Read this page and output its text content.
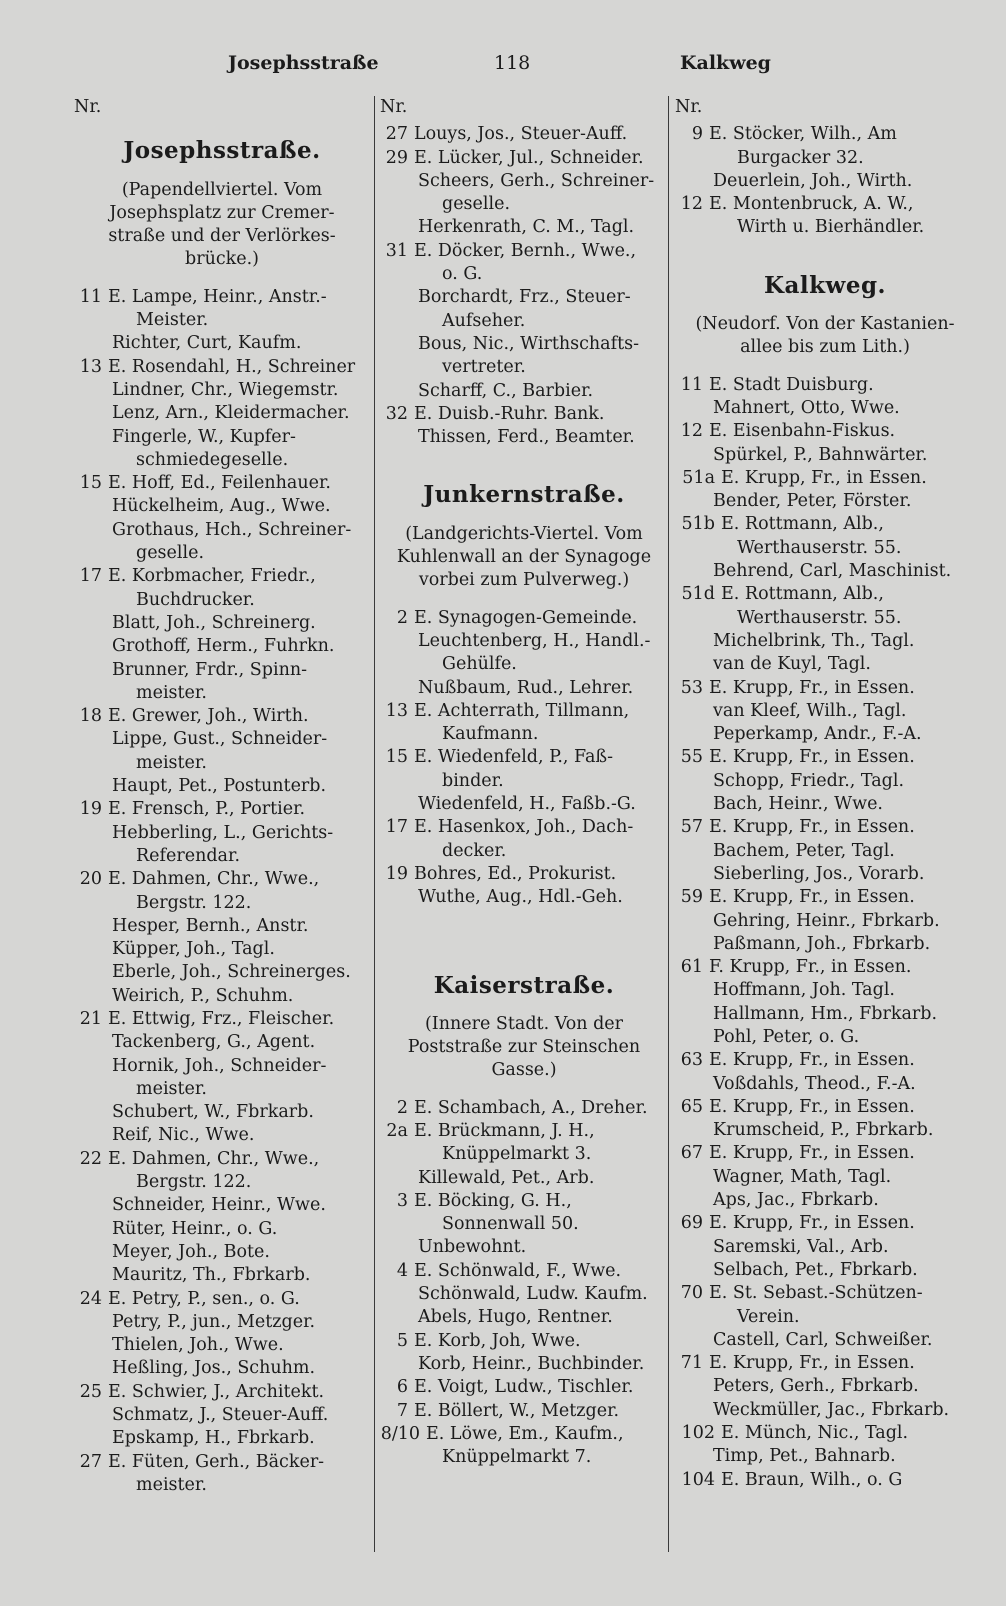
Josephsstraße	118	Kalkweg
Nr.
Josephsstraße.
(Papendellviertel. Vom
Josephsplatz zur Cremer-
straße und der Verlörkes-
brücke.)
11 E. Lampe, Heinr., Anstr.-
Meister.
Richter, Curt, Kaufm.
13 E. Rosendahl, H., Schreiner
Lindner, Chr., Wiegemstr.
Lenz, Arn., Kleidermacher.
Fingerle, W., Kupfer-
schmiedegeselle.
15 E. Hoff, Ed., Feilenhauer.
Hückelheim, Aug., Wwe.
Grothaus, Hch., Schreiner-
geselle.
17 E. Korbmacher, Friedr.,
Buchdrucker.
Blatt, Joh., Schreinerg.
Grothoff, Herm., Fuhrkn.
Brunner, Frdr., Spinn-
meister.
18 E. Grewer, Joh., Wirth.
Lippe, Gust., Schneider-
meister.
Haupt, Pet., Postunterb.
19 E. Frensch, P., Portier.
Hebberling, L., Gerichts-
Referendar.
20 E. Dahmen, Chr., Wwe.,
Bergstr. 122.
Hesper, Bernh., Anstr.
Küpper, Joh., Tagl.
Eberle, Joh., Schreinerges.
Weirich, P., Schuhm.
21 E. Ettwig, Frz., Fleischer.
Tackenberg, G., Agent.
Hornik, Joh., Schneider-
meister.
Schubert, W., Fbrkarb.
Reif, Nic., Wwe.
22 E. Dahmen, Chr., Wwe.,
Bergstr. 122.
Schneider, Heinr., Wwe.
Rüter, Heinr., o. G.
Meyer, Joh., Bote.
Mauritz, Th., Fbrkarb.
24 E. Petry, P., sen., o. G.
Petry, P., jun., Metzger.
Thielen, Joh., Wwe.
Heßling, Jos., Schuhm.
25 E. Schwier, J., Architekt.
Schmatz, J., Steuer-Auff.
Epskamp, H., Fbrkarb.
27 E. Füten, Gerh., Bäcker-
meister.
Nr.
27 Louys, Jos., Steuer-Auff.
29 E. Lücker, Jul., Schneider.
Scheers, Gerh., Schreiner-
geselle.
Herkenrath, C. M., Tagl.
31 E. Döcker, Bernh., Wwe.,
o. G.
Borchardt, Frz., Steuer-
Aufseher.
Bous, Nic., Wirthschafts-
vertreter.
Scharff, C., Barbier.
32 E. Duisb.-Ruhr. Bank.
Thissen, Ferd., Beamter.
Junkernstraße.
(Landgerichts-Viertel. Vom
Kuhlenwall an der Synagoge
vorbei zum Pulverweg.)
2 E. Synagogen-Gemeinde.
Leuchtenberg, H., Handl.-
Gehülfe.
Nußbaum, Rud., Lehrer.
13 E. Achterrath, Tillmann,
Kaufmann.
15 E. Wiedenfeld, P., Faß-
binder.
Wiedenfeld, H., Faßb.-G.
17 E. Hasenkox, Joh., Dach-
decker.
19 Bohres, Ed., Prokurist.
Wuthe, Aug., Hdl.-Geh.
Kaiserstraße.
(Innere Stadt. Von der
Poststraße zur Steinschen
Gasse.)
2 E. Schambach, A., Dreher.
2a E. Brückmann, J. H.,
Knüppelmarkt 3.
Killewald, Pet., Arb.
3 E. Böcking, G. H.,
Sonnenwall 50.
Unbewohnt.
4 E. Schönwald, F., Wwe.
Schönwald, Ludw. Kaufm.
Abels, Hugo, Rentner.
5 E. Korb, Joh, Wwe.
Korb, Heinr., Buchbinder.
6 E. Voigt, Ludw., Tischler.
7 E. Böllert, W., Metzger.
8/10 E. Löwe, Em., Kaufm.,
Knüppelmarkt 7.
Nr.
9 E. Stöcker, Wilh., Am
Burgacker 32.
Deuerlein, Joh., Wirth.
12 E. Montenbruck, A. W.,
Wirth u. Bierhändler.
Kalkweg.
(Neudorf. Von der Kastanien-
allee bis zum Lith.)
11 E. Stadt Duisburg.
Mahnert, Otto, Wwe.
12 E. Eisenbahn-Fiskus.
Spürkel, P., Bahnwärter.
51a E. Krupp, Fr., in Essen.
Bender, Peter, Förster.
51b E. Rottmann, Alb.,
Werthauserstr. 55.
Behrend, Carl, Maschinist.
51d E. Rottmann, Alb.,
Werthauserstr. 55.
Michelbrink, Th., Tagl.
van de Kuyl, Tagl.
53 E. Krupp, Fr., in Essen.
van Kleef, Wilh., Tagl.
Peperkamp, Andr., F.-A.
55 E. Krupp, Fr., in Essen.
Schopp, Friedr., Tagl.
Bach, Heinr., Wwe.
57 E. Krupp, Fr., in Essen.
Bachem, Peter, Tagl.
Sieberling, Jos., Vorarb.
59 E. Krupp, Fr., in Essen.
Gehring, Heinr., Fbrkarb.
Paßmann, Joh., Fbrkarb.
61 F. Krupp, Fr., in Essen.
Hoffmann, Joh. Tagl.
Hallmann, Hm., Fbrkarb.
Pohl, Peter, o. G.
63 E. Krupp, Fr., in Essen.
Voßdahls, Theod., F.-A.
65 E. Krupp, Fr., in Essen.
Krumscheid, P., Fbrkarb.
67 E. Krupp, Fr., in Essen.
Wagner, Math, Tagl.
Aps, Jac., Fbrkarb.
69 E. Krupp, Fr., in Essen.
Saremski, Val., Arb.
Selbach, Pet., Fbrkarb.
70 E. St. Sebast.-Schützen-
Verein.
Castell, Carl, Schweißer.
71 E. Krupp, Fr., in Essen.
Peters, Gerh., Fbrkarb.
Weckmüller, Jac., Fbrkarb.
102 E. Münch, Nic., Tagl.
Timp, Pet., Bahnarb.
104 E. Braun, Wilh., o. G
